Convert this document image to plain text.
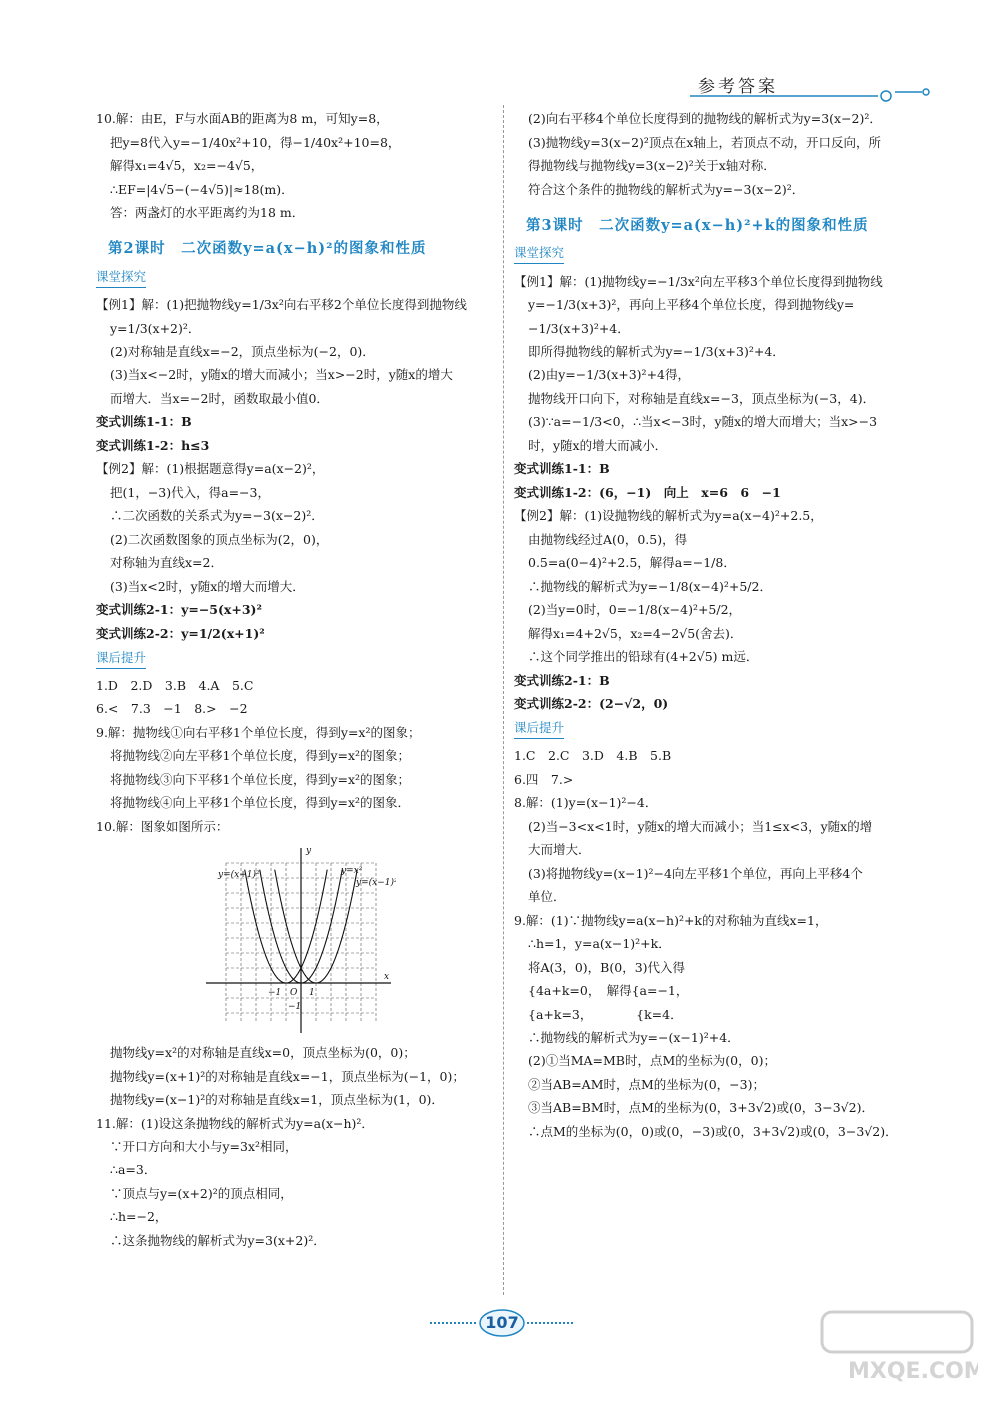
参考答案
10.解：由E，F与水面AB的距离为8 m，可知y=8，
把y=8代入y=−1/40x²+10，得−1/40x²+10=8，
解得x₁=4√5，x₂=−4√5，
∴EF=|4√5−(−4√5)|≈18(m)．
答：两盏灯的水平距离约为18 m．
第2课时　二次函数y=a(x−h)²的图象和性质
课堂探究
【例1】解：(1)把抛物线y=1/3x²向右平移2个单位长度得到抛物线
y=1/3(x+2)²．
(2)对称轴是直线x=−2，顶点坐标为(−2，0)．
(3)当x<−2时，y随x的增大而减小；当x>−2时，y随x的增大
而增大．当x=−2时，函数取最小值0．
变式训练1-1：B
变式训练1-2：h≤3
【例2】解：(1)根据题意得y=a(x−2)²，
把(1，−3)代入，得a=−3，
∴二次函数的关系式为y=−3(x−2)²．
(2)二次函数图象的顶点坐标为(2，0)，
对称轴为直线x=2．
(3)当x<2时，y随x的增大而增大．
变式训练2-1：y=−5(x+3)²
变式训练2-2：y=1/2(x+1)²
课后提升
1.D　2.D　3.B　4.A　5.C
6.<　7.3　−1　8.>　−2
9.解：抛物线①向右平移1个单位长度，得到y=x²的图象；
将抛物线②向左平移1个单位长度，得到y=x²的图象；
将抛物线③向下平移1个单位长度，得到y=x²的图象；
将抛物线④向上平移1个单位长度，得到y=x²的图象．
10.解：图象如图所示：
y=(x+1)²	y=x²
y=(x−1)²
y
x
O 1
−1
−1
抛物线y=x²的对称轴是直线x=0，顶点坐标为(0，0)；
抛物线y=(x+1)²的对称轴是直线x=−1，顶点坐标为(−1，0)；
抛物线y=(x−1)²的对称轴是直线x=1，顶点坐标为(1，0)．
11.解：(1)设这条抛物线的解析式为y=a(x−h)²．
∵开口方向和大小与y=3x²相同，
∴a=3．
∵顶点与y=(x+2)²的顶点相同，
∴h=−2，
∴这条抛物线的解析式为y=3(x+2)²．
(2)向右平移4个单位长度得到的抛物线的解析式为y=3(x−2)²．
(3)抛物线y=3(x−2)²顶点在x轴上，若顶点不动，开口反向，所
得抛物线与抛物线y=3(x−2)²关于x轴对称．
符合这个条件的抛物线的解析式为y=−3(x−2)²．
第3课时　二次函数y=a(x−h)²+k的图象和性质
课堂探究
【例1】解：(1)抛物线y=−1/3x²向左平移3个单位长度得到抛物线
y=−1/3(x+3)²，再向上平移4个单位长度，得到抛物线y=
−1/3(x+3)²+4．
即所得抛物线的解析式为y=−1/3(x+3)²+4．
(2)由y=−1/3(x+3)²+4得，
抛物线开口向下，对称轴是直线x=−3，顶点坐标为(−3，4)．
(3)∵a=−1/3<0，∴当x<−3时，y随x的增大而增大；当x>−3
时，y随x的增大而减小．
变式训练1-1：B
变式训练1-2：(6，−1)　向上　x=6　6　−1
【例2】解：(1)设抛物线的解析式为y=a(x−4)²+2.5，
由抛物线经过A(0，0.5)，得
0.5=a(0−4)²+2.5，解得a=−1/8．
∴抛物线的解析式为y=−1/8(x−4)²+5/2．
(2)当y=0时，0=−1/8(x−4)²+5/2，
解得x₁=4+2√5，x₂=4−2√5(舍去)．
∴这个同学推出的铅球有(4+2√5) m远．
变式训练2-1：B
变式训练2-2：(2−√2，0)
课后提升
1.C　2.C　3.D　4.B　5.B
6.四　7.>
8.解：(1)y=(x−1)²−4．
(2)当−3<x<1时，y随x的增大而减小；当1≤x<3，y随x的增
大而增大．
(3)将抛物线y=(x−1)²−4向左平移1个单位，再向上平移4个
单位．
9.解：(1)∵抛物线y=a(x−h)²+k的对称轴为直线x=1，
∴h=1，y=a(x−1)²+k．
将A(3，0)，B(0，3)代入得
{4a+k=0，　解得{a=−1，
{a+k=3，　　　　{k=4．
∴抛物线的解析式为y=−(x−1)²+4．
(2)①当MA=MB时，点M的坐标为(0，0)；
②当AB=AM时，点M的坐标为(0，−3)；
③当AB=BM时，点M的坐标为(0，3+3√2)或(0，3−3√2)．
∴点M的坐标为(0，0)或(0，−3)或(0，3+3√2)或(0，3−3√2)．
107
MXQE.COM
